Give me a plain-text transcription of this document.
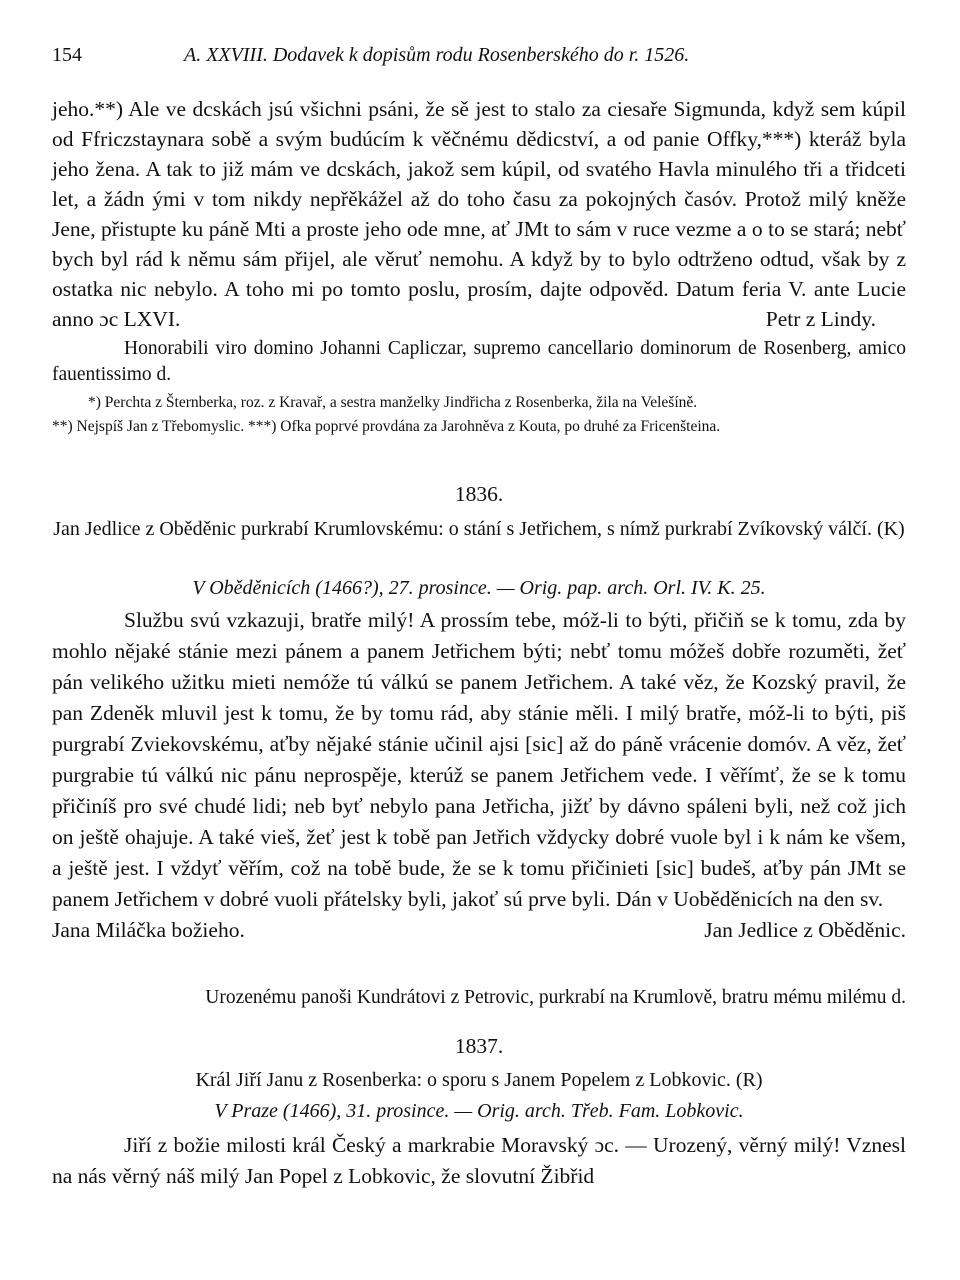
154	A. XXVIII. Dodavek k dopisům rodu Rosenberského do r. 1526.
jeho.**) Ale ve dcskách jsú všichni psáni, že sě jest to stalo za ciesaře Sigmunda, když sem kúpil od Ffriczstaynara sobě a svým budúcím k věčnému dědicství, a od panie Offky,***) kteráž byla jeho žena. A tak to již mám ve dcskách, jakož sem kúpil, od svatého Havla minulého tři a třidceti let, a žádn ými v tom nikdy nepřěkážel až do toho času za pokojných časóv. Protož milý kněže Jene, přistupte ku páně Mti a proste jeho ode mne, ať JMt to sám v ruce vezme a o to se stará; nebť bych byl rád k němu sám přijel, ale věruť nemohu. A když by to bylo odtrženo odtud, však by z ostatka nic nebylo. A toho mi po tomto poslu, prosím, dajte odpověd. Datum feria V. ante Lucie anno ɔc LXVI.	Petr z Lindy.
Honorabili viro domino Johanni Capliczar, supremo cancellario dominorum de Rosenberg, amico fauentissimo d.
*) Perchta z Šternberka, roz. z Kravař, a sestra manželky Jindřicha z Rosenberka, žila na Velešíně.
**) Nejspíš Jan z Třebomyslic. ***) Ofka poprvé provdána za Jarohněva z Kouta, po druhé za Fricenšteina.
1836.
Jan Jedlice z Oběděnic purkrabí Krumlovskému: o stání s Jetřichem, s nímž purkrabí Zvíkovský válčí. (K)
V Oběděnicích (1466?), 27. prosince. — Orig. pap. arch. Orl. IV. K. 25.
Službu svú vzkazuji, bratře milý! A prossím tebe, móž-li to býti, přičiň se k tomu, zda by mohlo nějaké stánie mezi pánem a panem Jetřichem býti; nebť tomu móžeš dobře rozuměti, žeť pán velikého užitku mieti nemóže tú válkú se panem Jetřichem. A také věz, že Kozský pravil, že pan Zdeněk mluvil jest k tomu, že by tomu rád, aby stánie měli. I milý bratře, móž-li to býti, piš purgrabí Zviekovskému, aťby nějaké stánie učinil ajsi [sic] až do páně vrácenie domóv. A věz, žeť purgrabie tú válkú nic pánu neprospěje, kterúž se panem Jetřichem vede. I věřímť, že se k tomu přičiníš pro své chudé lidi; neb byť nebylo pana Jetřicha, jižť by dávno spáleni byli, než což jich on ještě ohajuje. A také vieš, žeť jest k tobě pan Jetřich vždycky dobré vuole byl i k nám ke všem, a ještě jest. I vždyť věřím, což na tobě bude, že se k tomu přičinieti [sic] budeš, aťby pán JMt se panem Jetřichem v dobré vuoli přátelsky byli, jakoť sú prve byli. Dán v Uoběděnicích na den sv.
Jana Miláčka božieho.	Jan Jedlice z Oběděnic.
Urozenému panoši Kundrátovi z Petrovic, purkrabí na Krumlově, bratru mému milému d.
1837.
Král Jiří Janu z Rosenberka: o sporu s Janem Popelem z Lobkovic. (R)
V Praze (1466), 31. prosince. — Orig. arch. Třeb. Fam. Lobkovic.
Jiří z božie milosti král Český a markrabie Moravský ɔc. — Urozený, věrný milý! Vznesl na nás věrný náš milý Jan Popel z Lobkovic, že slovutní Žibřid
